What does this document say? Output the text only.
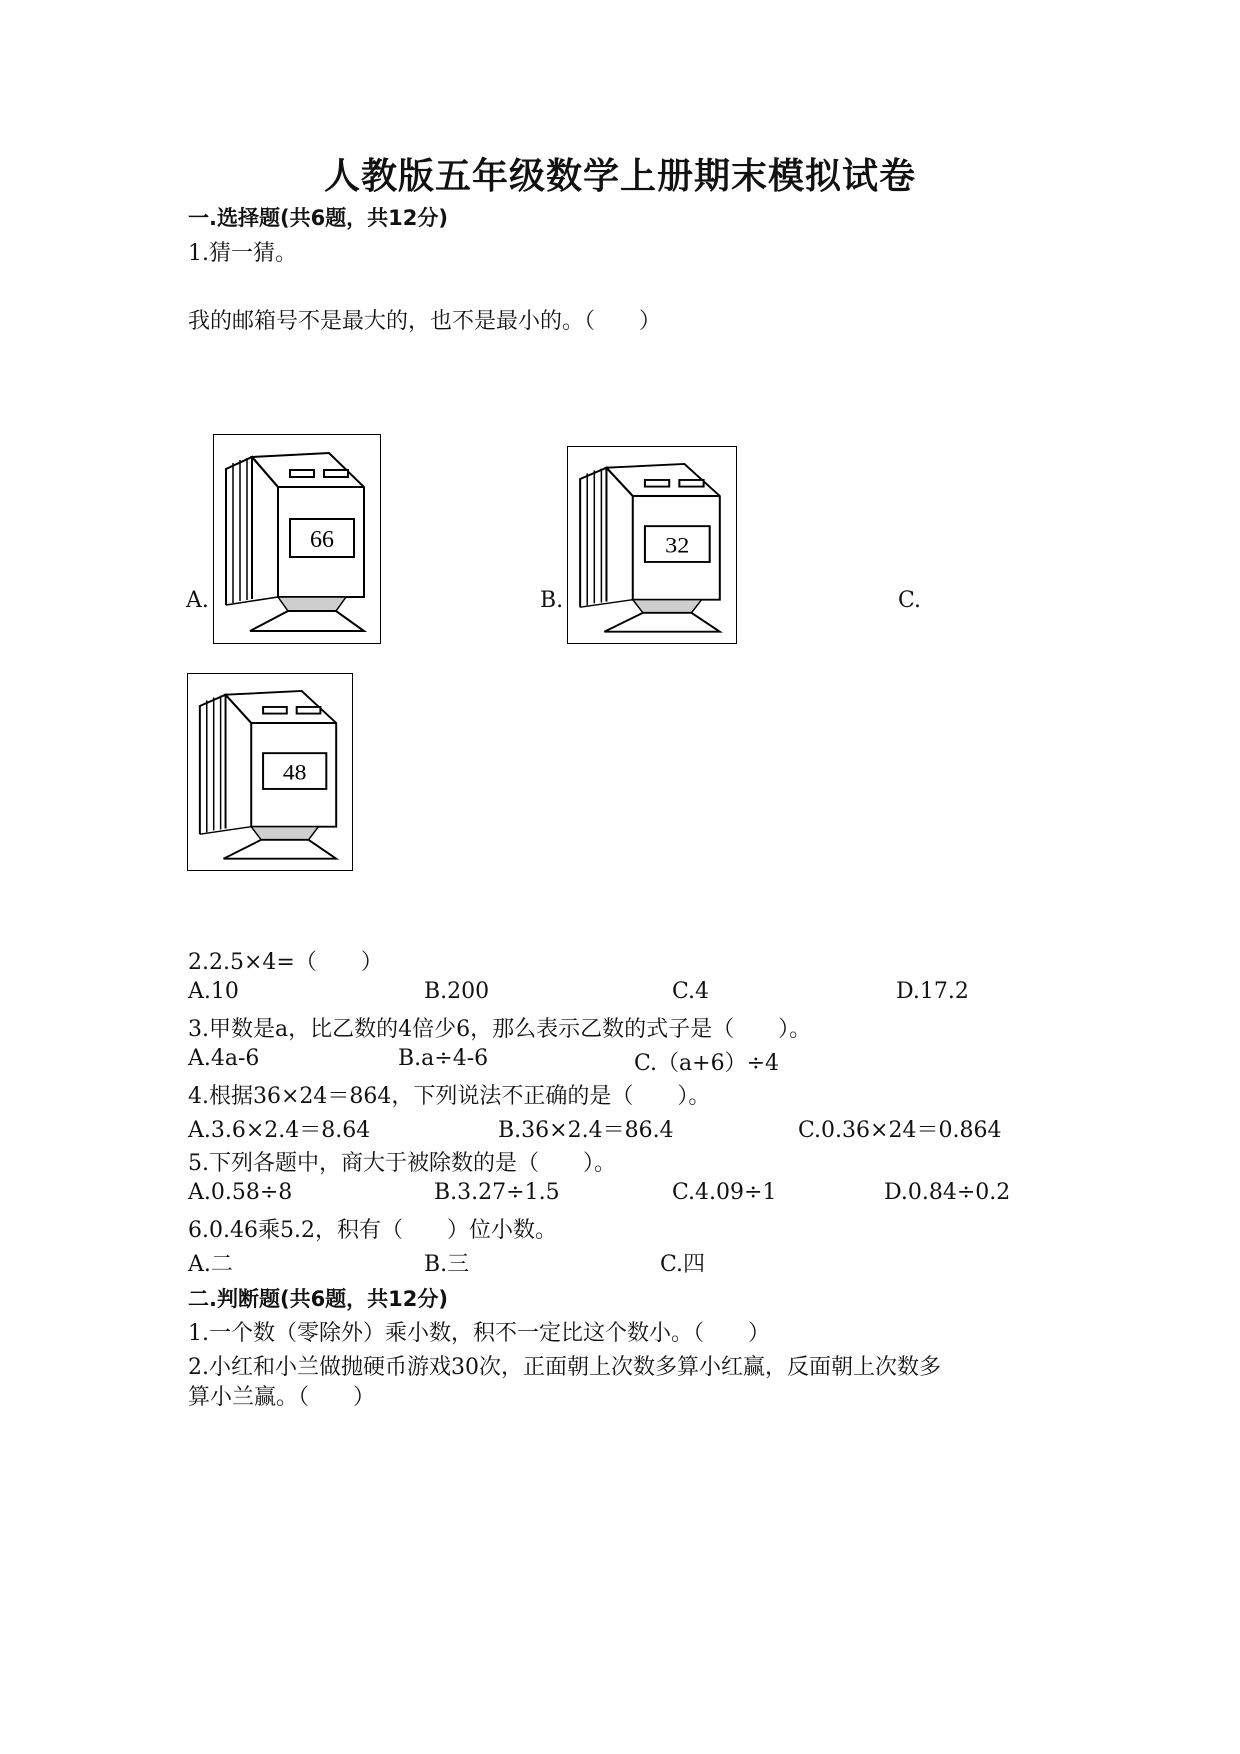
人教版五年级数学上册期末模拟试卷
一.选择题(共6题，共12分)
1.猜一猜。
我的邮箱号不是最大的，也不是最小的。（　　）
A.
66
B.
32
C.
48
2.2.5×4=（　　）
A.10	B.200	C.4	D.17.2
3.甲数是a，比乙数的4倍少6，那么表示乙数的式子是（　　）。
A.4a-6	B.a÷4-6	C.（a+6）÷4
4.根据36×24＝864，下列说法不正确的是（　　）。
A.3.6×2.4＝8.64	B.36×2.4＝86.4	C.0.36×24＝0.864
5.下列各题中，商大于被除数的是（　　）。
A.0.58÷8	B.3.27÷1.5	C.4.09÷1	D.0.84÷0.2
6.0.46乘5.2，积有（　　）位小数。
A.二	B.三	C.四
二.判断题(共6题，共12分)
1.一个数（零除外）乘小数，积不一定比这个数小。（　　）
2.小红和小兰做抛硬币游戏30次，正面朝上次数多算小红赢，反面朝上次数多
算小兰赢。（　　）
